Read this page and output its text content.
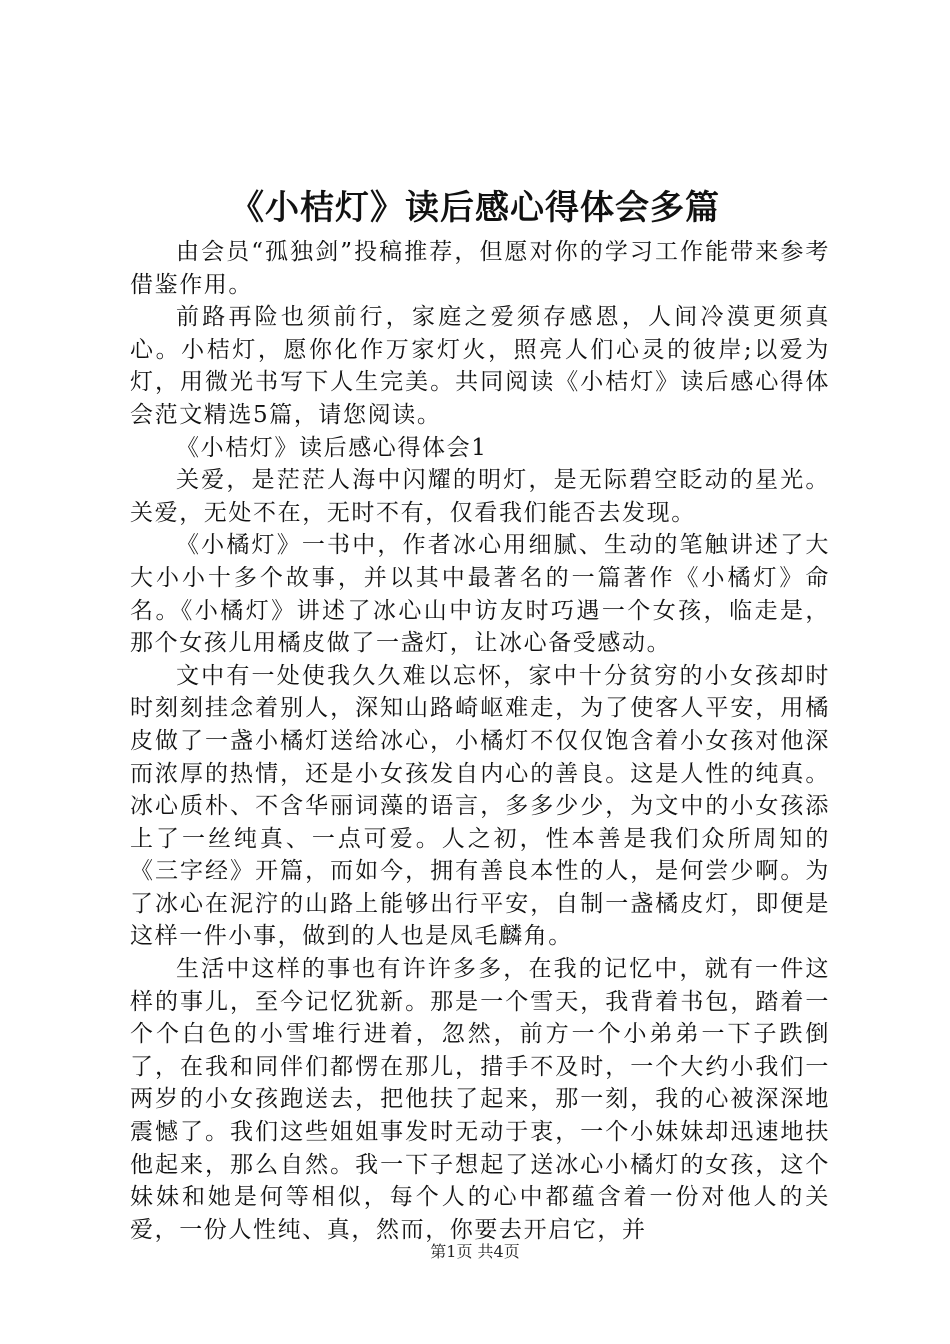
《小桔灯》读后感心得体会多篇

由会员“孤独剑”投稿推荐，但愿对你的学习工作能带来参考借鉴作用。

前路再险也须前行，家庭之爱须存感恩，人间冷漠更须真心。小桔灯，愿你化作万家灯火，照亮人们心灵的彼岸;以爱为灯，用微光书写下人生完美。共同阅读《小桔灯》读后感心得体会范文精选5篇，请您阅读。

《小桔灯》读后感心得体会1

关爱，是茫茫人海中闪耀的明灯，是无际碧空眨动的星光。关爱，无处不在，无时不有，仅看我们能否去发现。

《小橘灯》一书中，作者冰心用细腻、生动的笔触讲述了大大小小十多个故事，并以其中最著名的一篇著作《小橘灯》命名。《小橘灯》讲述了冰心山中访友时巧遇一个女孩，临走是，那个女孩儿用橘皮做了一盏灯，让冰心备受感动。

文中有一处使我久久难以忘怀，家中十分贫穷的小女孩却时时刻刻挂念着别人，深知山路崎岖难走，为了使客人平安，用橘皮做了一盏小橘灯送给冰心，小橘灯不仅仅饱含着小女孩对他深而浓厚的热情，还是小女孩发自内心的善良。这是人性的纯真。冰心质朴、不含华丽词藻的语言，多多少少，为文中的小女孩添上了一丝纯真、一点可爱。人之初，性本善是我们众所周知的《三字经》开篇，而如今，拥有善良本性的人，是何尝少啊。为了冰心在泥泞的山路上能够出行平安，自制一盏橘皮灯，即便是这样一件小事，做到的人也是凤毛麟角。

生活中这样的事也有许许多多，在我的记忆中，就有一件这样的事儿，至今记忆犹新。那是一个雪天，我背着书包，踏着一个个白色的小雪堆行进着，忽然，前方一个小弟弟一下子跌倒了，在我和同伴们都愣在那儿，措手不及时，一个大约小我们一两岁的小女孩跑送去，把他扶了起来，那一刻，我的心被深深地震憾了。我们这些姐姐事发时无动于衷，一个小妹妹却迅速地扶他起来，那么自然。我一下子想起了送冰心小橘灯的女孩，这个妹妹和她是何等相似，每个人的心中都蕴含着一份对他人的关爱，一份人性纯、真，然而，你要去开启它，并

第1页 共4页
